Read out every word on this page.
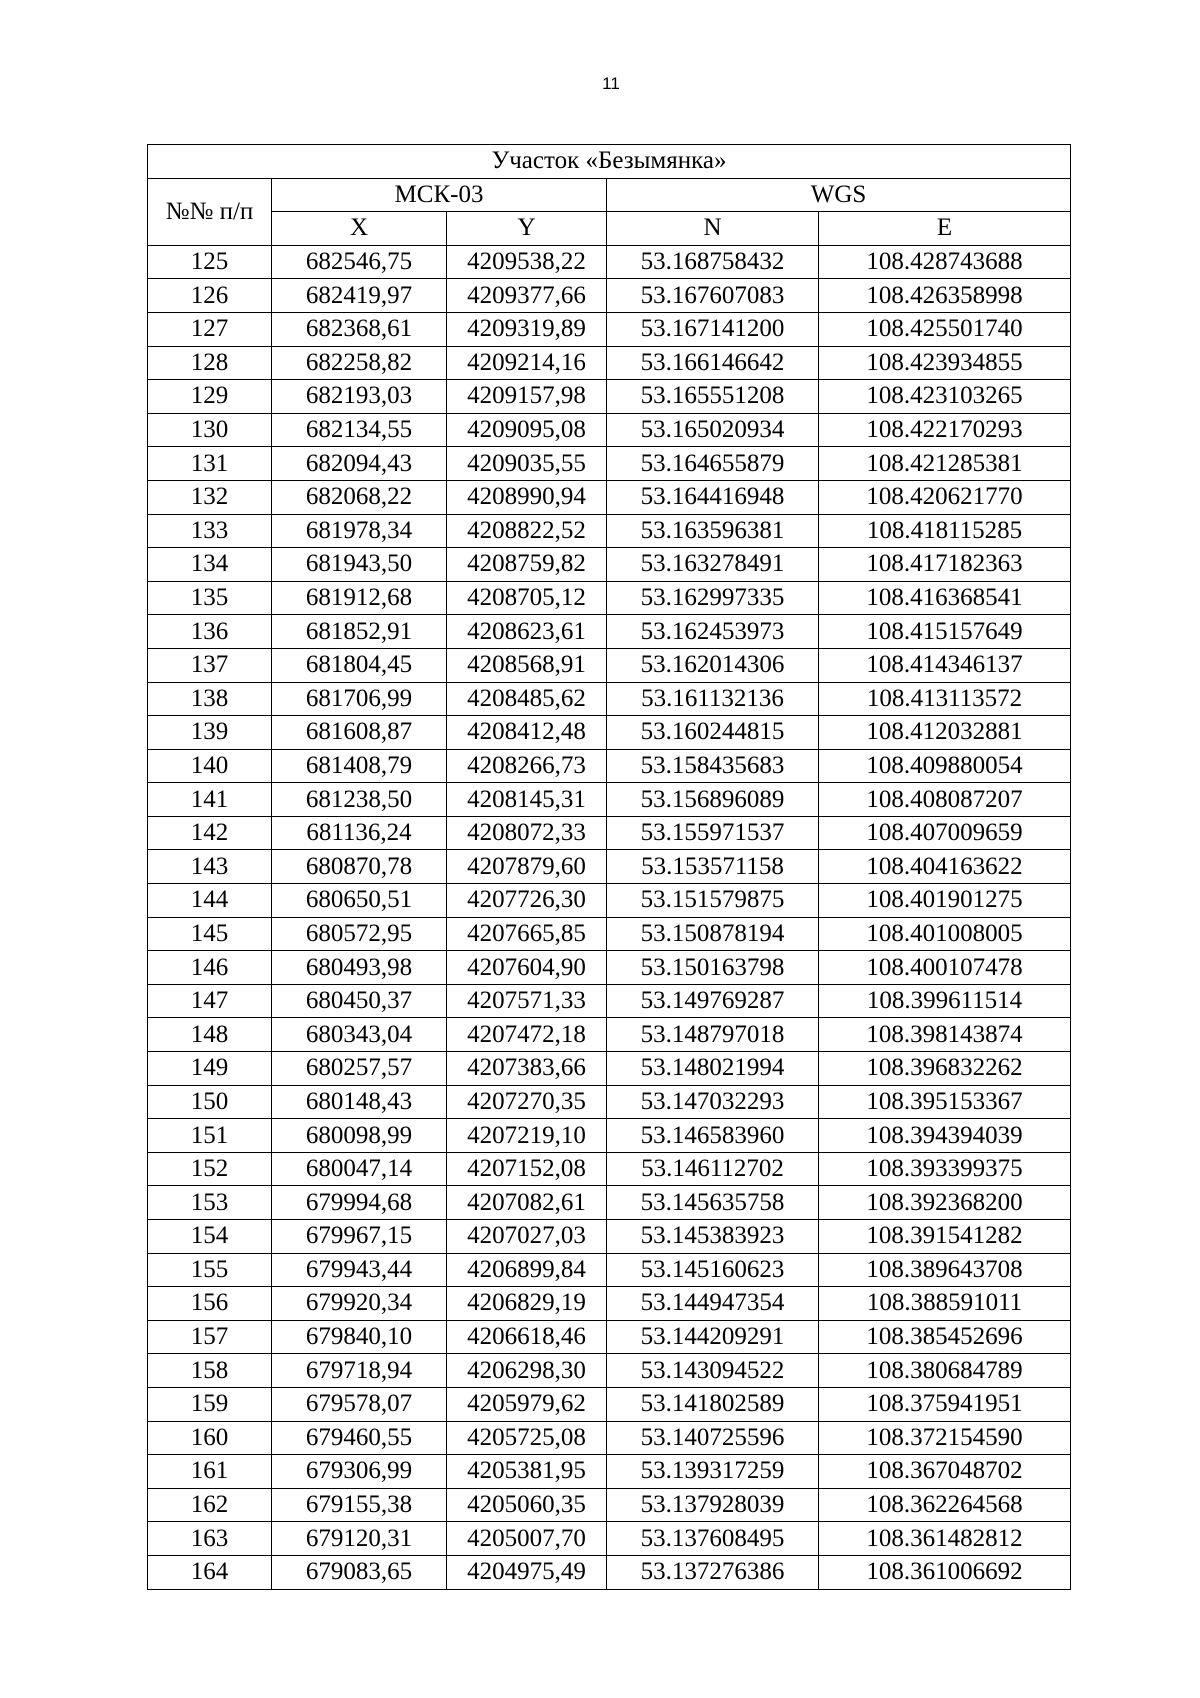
11
Участок «Безымянка»				
№№ п/п	МСК-03		WGS	
	X	Y	N	E
125	682546,75	4209538,22	53.168758432	108.428743688
126	682419,97	4209377,66	53.167607083	108.426358998
127	682368,61	4209319,89	53.167141200	108.425501740
128	682258,82	4209214,16	53.166146642	108.423934855
129	682193,03	4209157,98	53.165551208	108.423103265
130	682134,55	4209095,08	53.165020934	108.422170293
131	682094,43	4209035,55	53.164655879	108.421285381
132	682068,22	4208990,94	53.164416948	108.420621770
133	681978,34	4208822,52	53.163596381	108.418115285
134	681943,50	4208759,82	53.163278491	108.417182363
135	681912,68	4208705,12	53.162997335	108.416368541
136	681852,91	4208623,61	53.162453973	108.415157649
137	681804,45	4208568,91	53.162014306	108.414346137
138	681706,99	4208485,62	53.161132136	108.413113572
139	681608,87	4208412,48	53.160244815	108.412032881
140	681408,79	4208266,73	53.158435683	108.409880054
141	681238,50	4208145,31	53.156896089	108.408087207
142	681136,24	4208072,33	53.155971537	108.407009659
143	680870,78	4207879,60	53.153571158	108.404163622
144	680650,51	4207726,30	53.151579875	108.401901275
145	680572,95	4207665,85	53.150878194	108.401008005
146	680493,98	4207604,90	53.150163798	108.400107478
147	680450,37	4207571,33	53.149769287	108.399611514
148	680343,04	4207472,18	53.148797018	108.398143874
149	680257,57	4207383,66	53.148021994	108.396832262
150	680148,43	4207270,35	53.147032293	108.395153367
151	680098,99	4207219,10	53.146583960	108.394394039
152	680047,14	4207152,08	53.146112702	108.393399375
153	679994,68	4207082,61	53.145635758	108.392368200
154	679967,15	4207027,03	53.145383923	108.391541282
155	679943,44	4206899,84	53.145160623	108.389643708
156	679920,34	4206829,19	53.144947354	108.388591011
157	679840,10	4206618,46	53.144209291	108.385452696
158	679718,94	4206298,30	53.143094522	108.380684789
159	679578,07	4205979,62	53.141802589	108.375941951
160	679460,55	4205725,08	53.140725596	108.372154590
161	679306,99	4205381,95	53.139317259	108.367048702
162	679155,38	4205060,35	53.137928039	108.362264568
163	679120,31	4205007,70	53.137608495	108.361482812
164	679083,65	4204975,49	53.137276386	108.361006692
